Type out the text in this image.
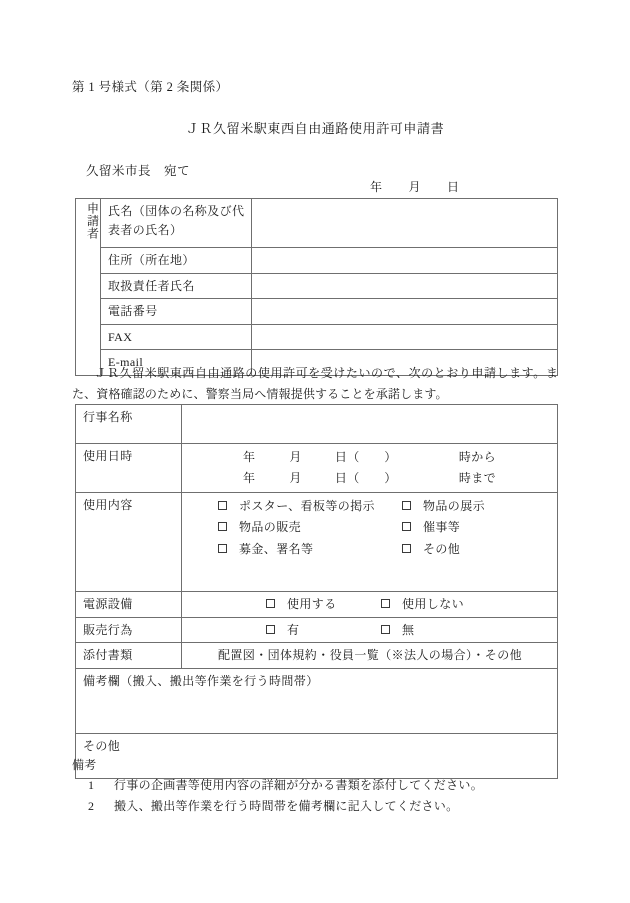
第 1 号様式（第 2 条関係）
ＪＲ久留米駅東西自由通路使用許可申請書
久留米市長　宛て
年 月 日
申請者	氏名（団体の名称及び代表者の氏名）	
	住所（所在地）	
	取扱責任者氏名	
	電話番号	
	FAX	
	E-mail	
ＪＲ久留米駅東西自由通路の使用許可を受けたいので、次のとおり申請します。また、資格確認のために、警察当局へ情報提供することを承諾します。
行事名称	
使用日時	年 月 日（　　） 時から
年 月 日（　　） 時まで

使用内容	ポスター、看板等の掲示 物品の展示
物品の販売 催事等
募金、署名等 その他

電源設備	使用する 使用しない

販売行為	有 無

添付書類	配置図・団体規約・役員一覧（※法人の場合）・その他

備考欄（搬入、搬出等作業を行う時間帯）	
その他	
備考
1 行事の企画書等使用内容の詳細が分かる書類を添付してください。
2 搬入、搬出等作業を行う時間帯を備考欄に記入してください。
